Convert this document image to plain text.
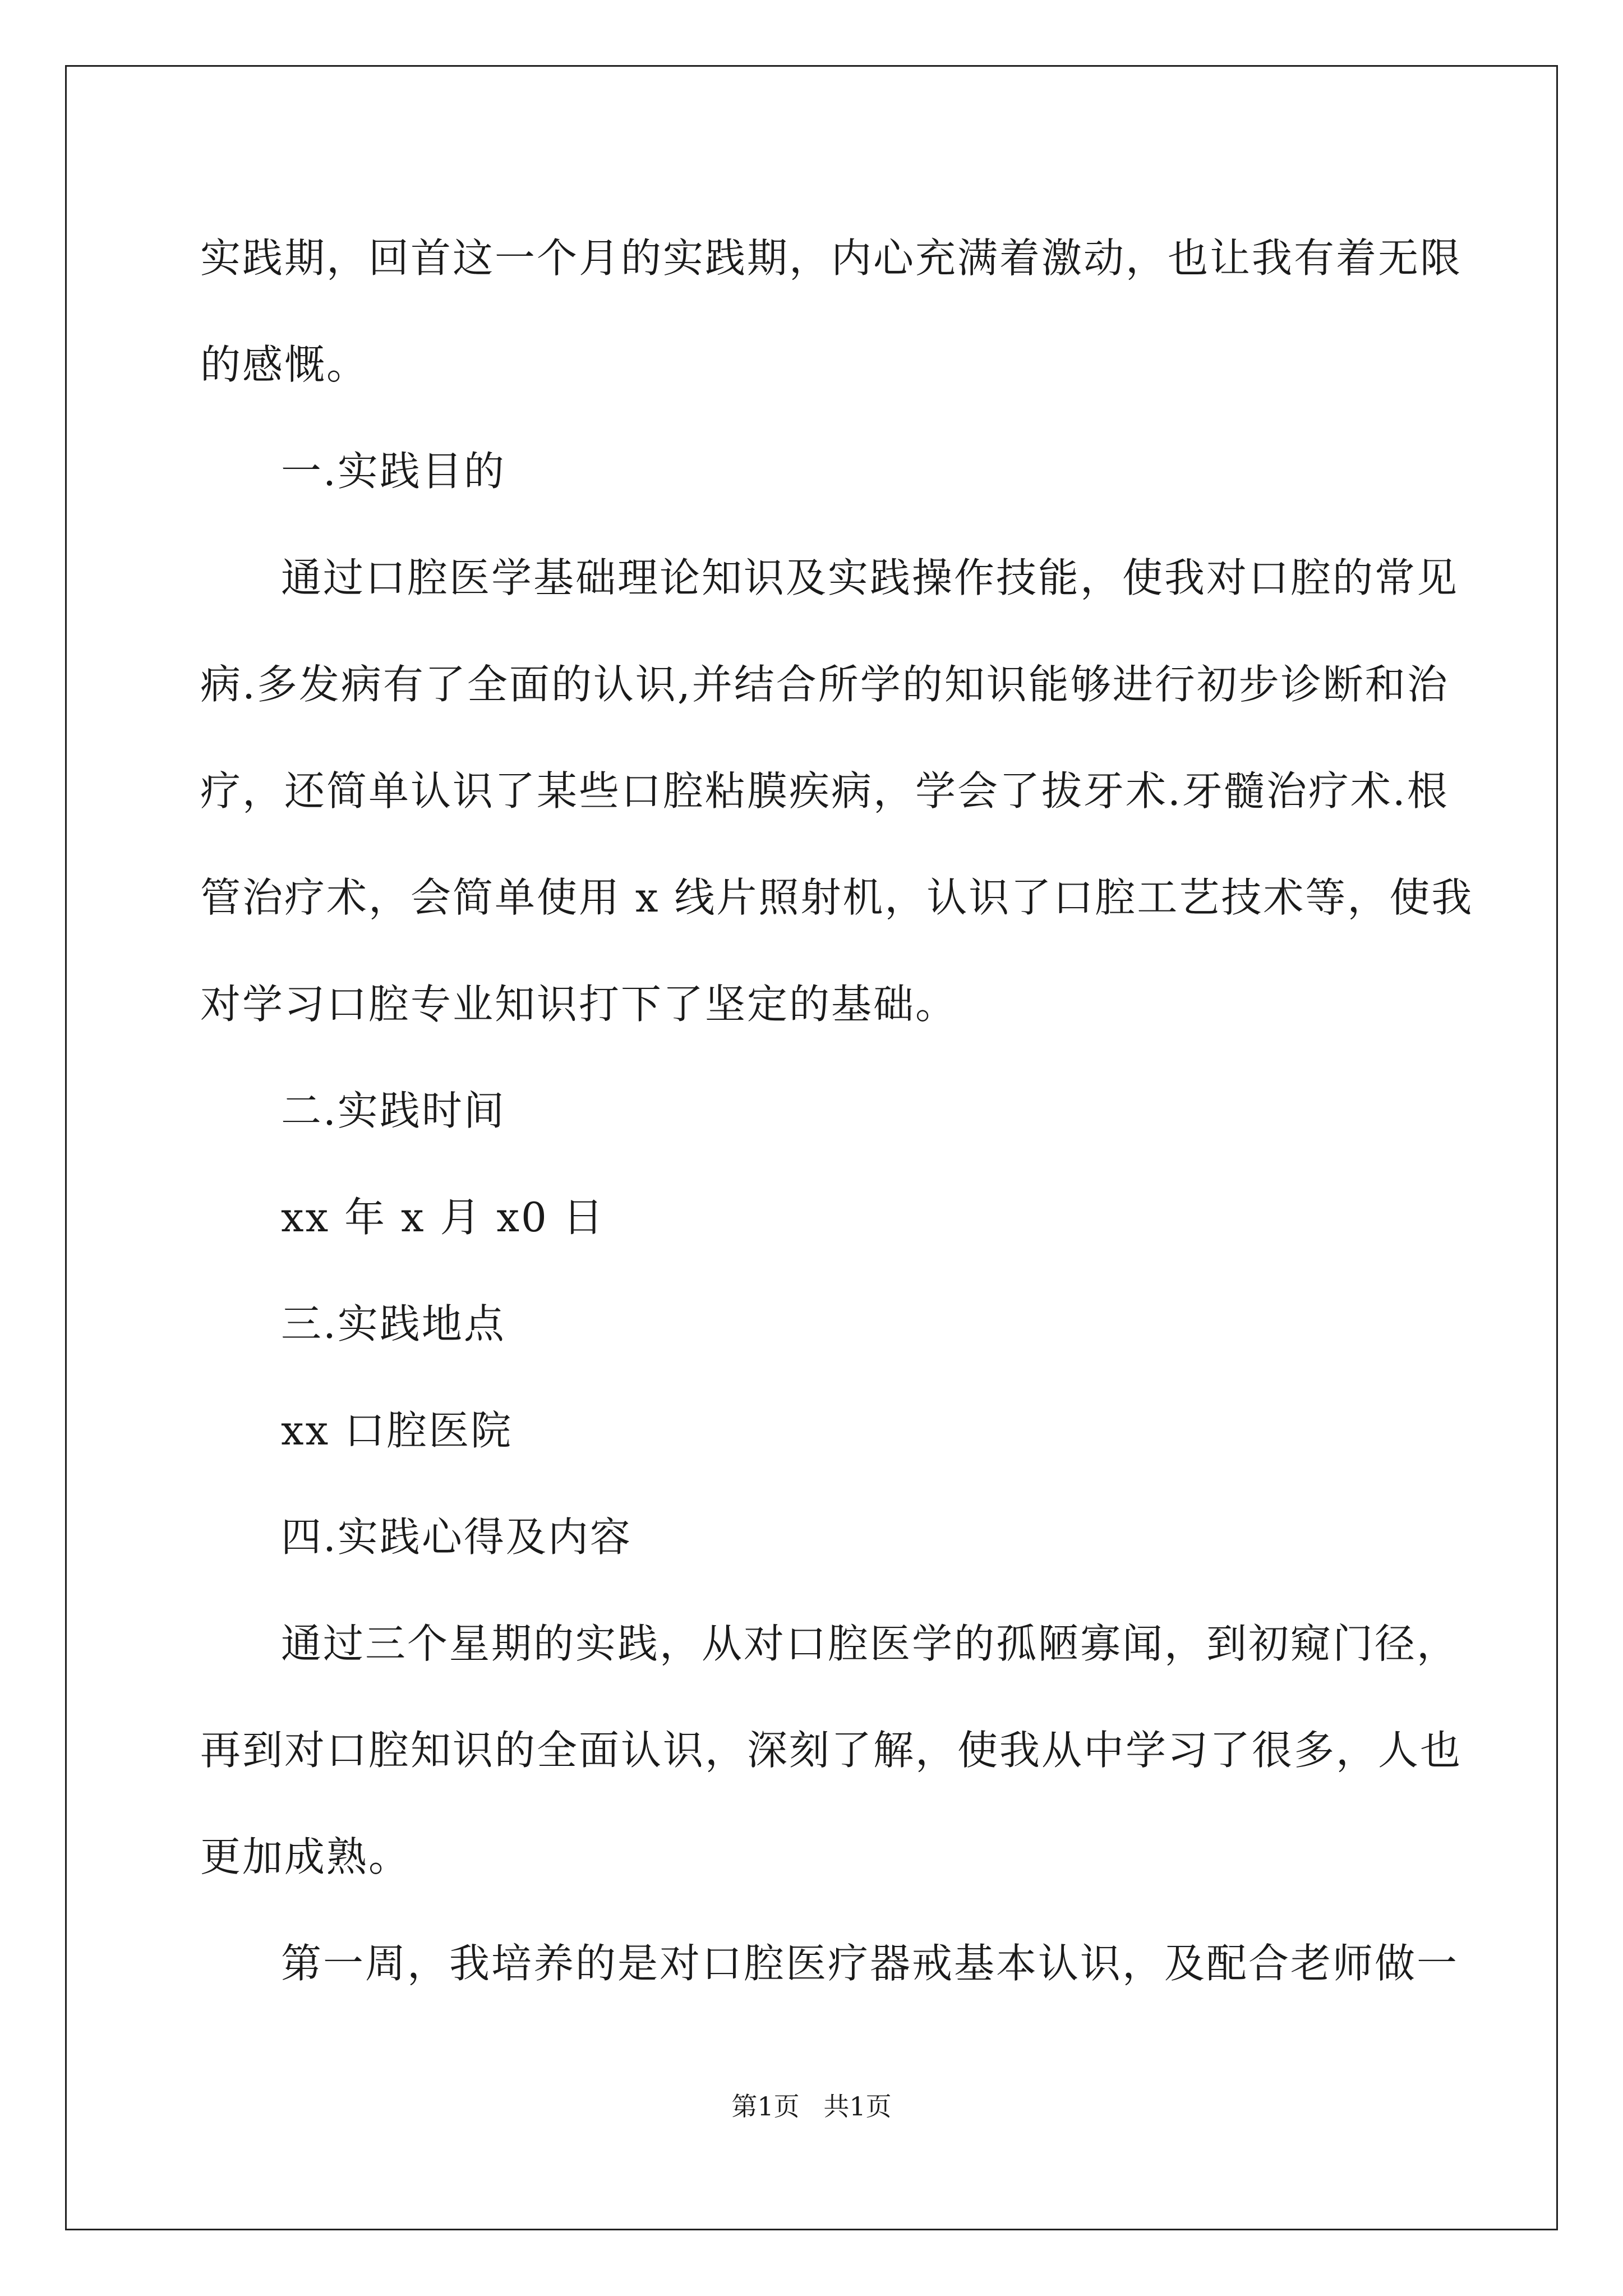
实践期，回首这一个月的实践期，内心充满着激动，也让我有着无限
的感慨。
一.实践目的
通过口腔医学基础理论知识及实践操作技能，使我对口腔的常见
病.多发病有了全面的认识,并结合所学的知识能够进行初步诊断和治
疗，还简单认识了某些口腔粘膜疾病，学会了拔牙术.牙髓治疗术.根
管治疗术，会简单使用 x 线片照射机，认识了口腔工艺技术等，使我
对学习口腔专业知识打下了坚定的基础。
二.实践时间
xx 年 x 月 x0 日
三.实践地点
xx 口腔医院
四.实践心得及内容
通过三个星期的实践，从对口腔医学的孤陋寡闻，到初窥门径，
再到对口腔知识的全面认识，深刻了解，使我从中学习了很多，人也
更加成熟。
第一周，我培养的是对口腔医疗器戒基本认识，及配合老师做一
第1页 共1页
